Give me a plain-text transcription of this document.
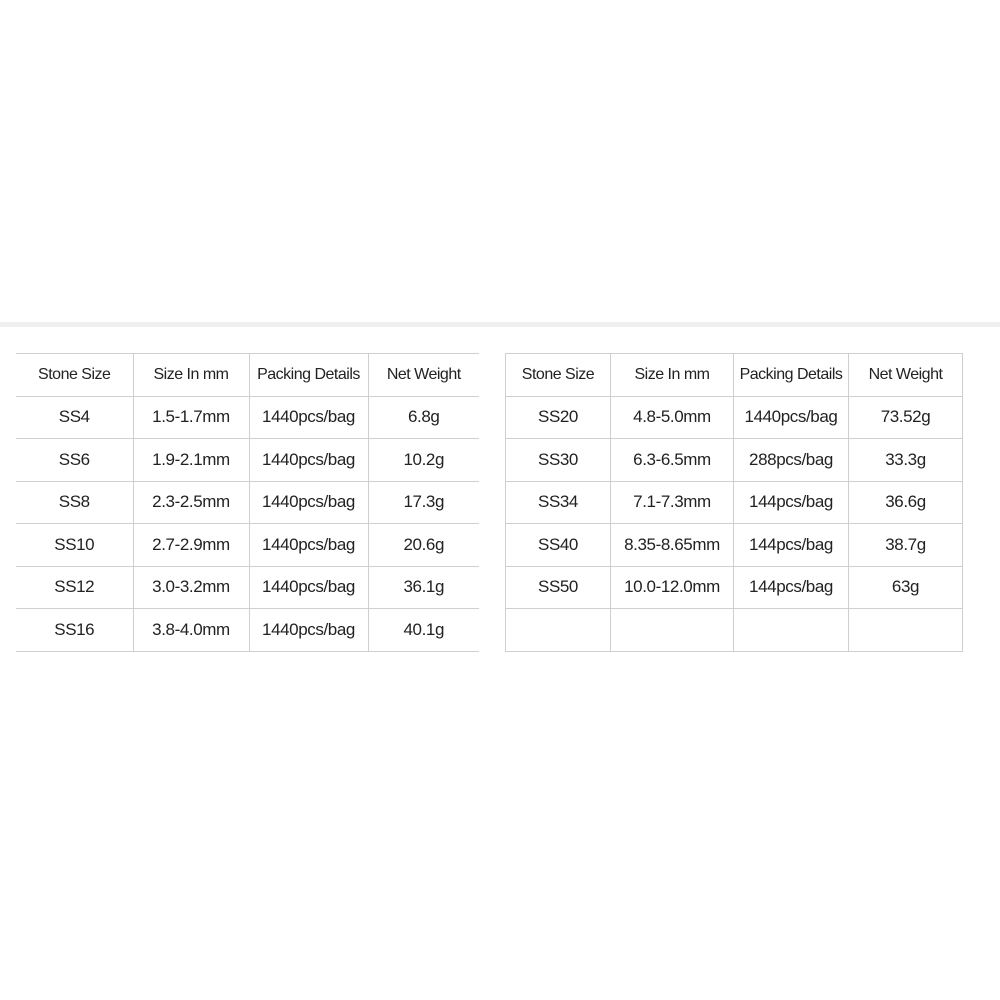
Stone Size	Size In mm	Packing Details	Net Weight
SS4	1.5-1.7mm	1440pcs/bag	6.8g
SS6	1.9-2.1mm	1440pcs/bag	10.2g
SS8	2.3-2.5mm	1440pcs/bag	17.3g
SS10	2.7-2.9mm	1440pcs/bag	20.6g
SS12	3.0-3.2mm	1440pcs/bag	36.1g
SS16	3.8-4.0mm	1440pcs/bag	40.1g
Stone Size	Size In mm	Packing Details	Net Weight
SS20	4.8-5.0mm	1440pcs/bag	73.52g
SS30	6.3-6.5mm	288pcs/bag	33.3g
SS34	7.1-7.3mm	144pcs/bag	36.6g
SS40	8.35-8.65mm	144pcs/bag	38.7g
SS50	10.0-12.0mm	144pcs/bag	63g
